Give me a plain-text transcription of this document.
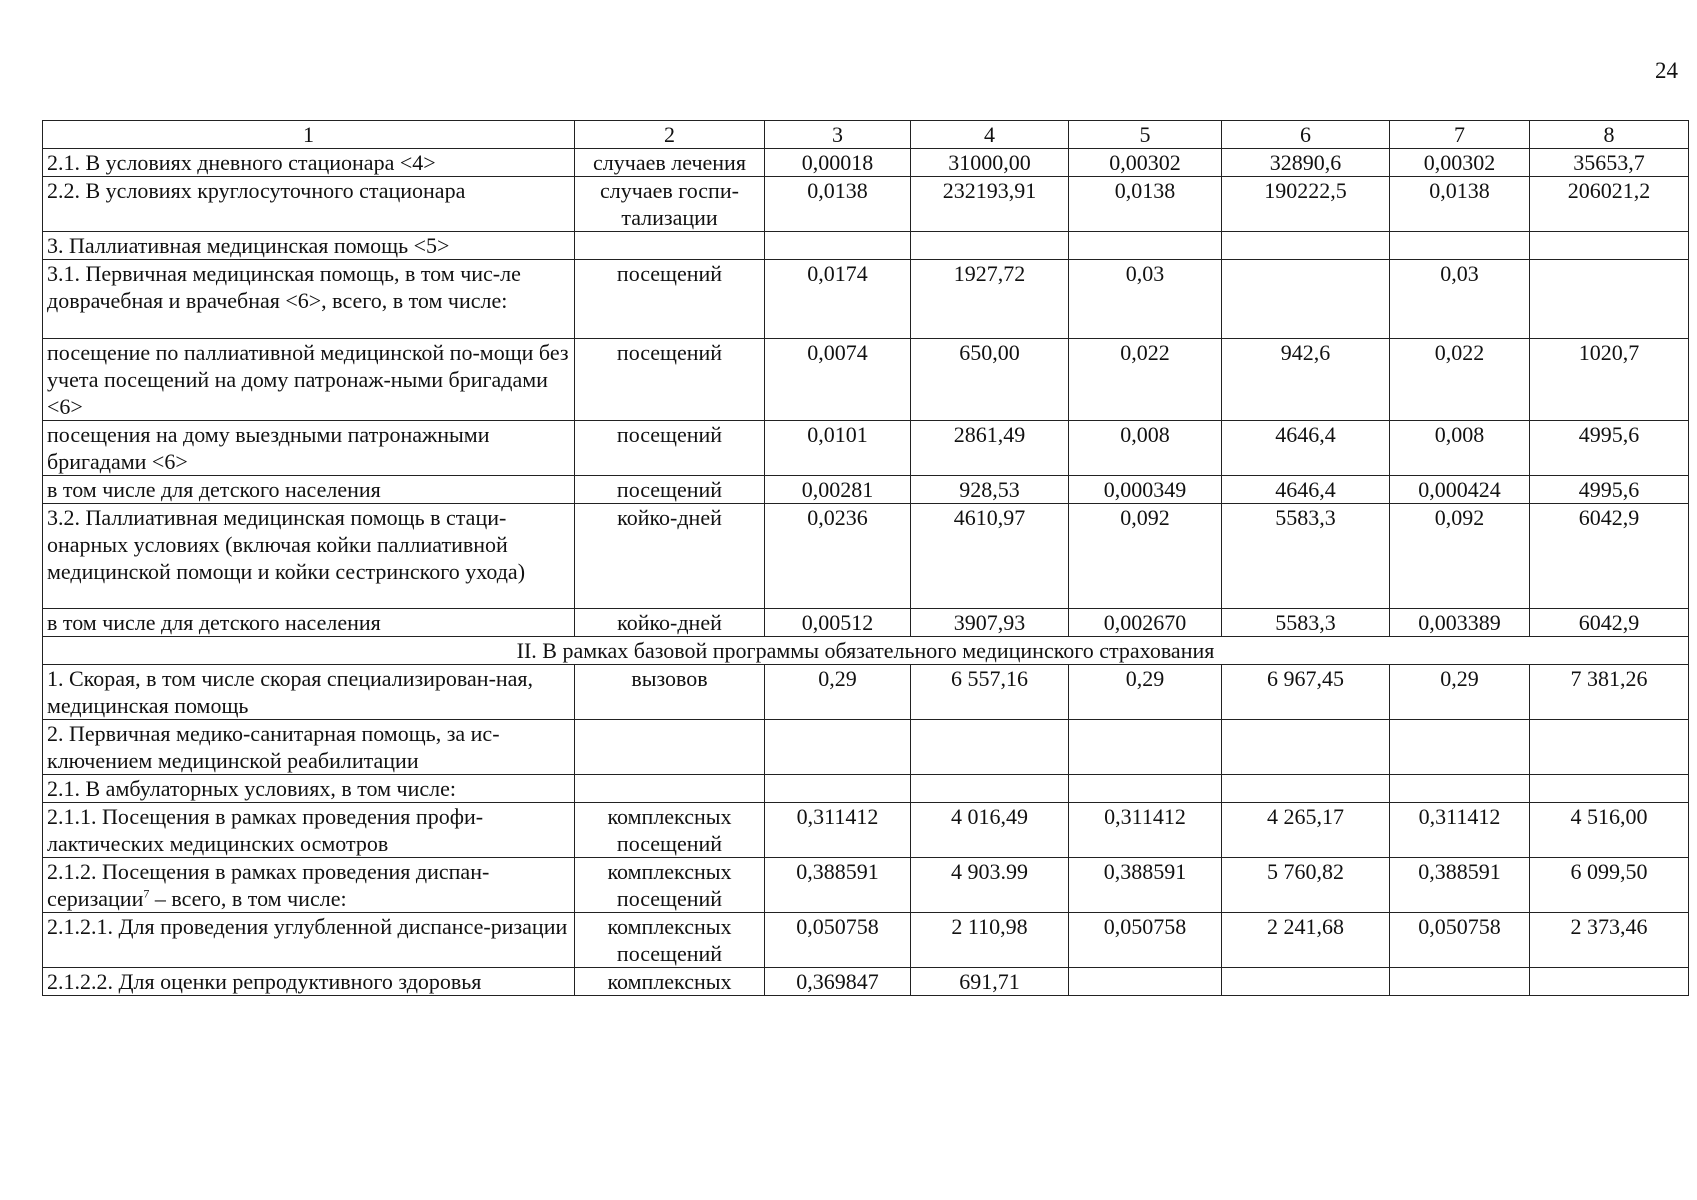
24
1	2	3	4	5	6	7	8
2.1. В условиях дневного стационара <4>	случаев лечения	0,00018	31000,00	0,00302	32890,6	0,00302	35653,7
2.2. В условиях круглосуточного стационара	случаев госпи-тализации	0,0138	232193,91	0,0138	190222,5	0,0138	206021,2
3. Паллиативная медицинская помощь <5>							
3.1. Первичная медицинская помощь, в том чис-ле доврачебная и врачебная <6>, всего, в том числе:	посещений	0,0174	1927,72	0,03		0,03	
посещение по паллиативной медицинской по-мощи без учета посещений на дому патронаж-ными бригадами <6>	посещений	0,0074	650,00	0,022	942,6	0,022	1020,7
посещения на дому выездными патронажными бригадами <6>	посещений	0,0101	2861,49	0,008	4646,4	0,008	4995,6
в том числе для детского населения	посещений	0,00281	928,53	0,000349	4646,4	0,000424	4995,6
3.2. Паллиативная медицинская помощь в стаци-онарных условиях (включая койки паллиативной медицинской помощи и койки сестринского ухода)	койко-дней	0,0236	4610,97	0,092	5583,3	0,092	6042,9
в том числе для детского населения	койко-дней	0,00512	3907,93	0,002670	5583,3	0,003389	6042,9
II. В рамках базовой программы обязательного медицинского страхования							
1. Скорая, в том числе скорая специализирован-ная, медицинская помощь	вызовов	0,29	6 557,16	0,29	6 967,45	0,29	7 381,26
2. Первичная медико-санитарная помощь, за ис-ключением медицинской реабилитации							
2.1. В амбулаторных условиях, в том числе:							
2.1.1. Посещения в рамках проведения профи-лактических медицинских осмотров	комплексных посещений	0,311412	4 016,49	0,311412	4 265,17	0,311412	4 516,00
2.1.2. Посещения в рамках проведения диспан-серизации$^7$ – всего, в том числе:	комплексных посещений	0,388591	4 903.99	0,388591	5 760,82	0,388591	6 099,50
2.1.2.1. Для проведения углубленной диспансе-ризации	комплексных посещений	0,050758	2 110,98	0,050758	2 241,68	0,050758	2 373,46
2.1.2.2. Для оценки репродуктивного здоровья	комплексных	0,369847	691,71				
